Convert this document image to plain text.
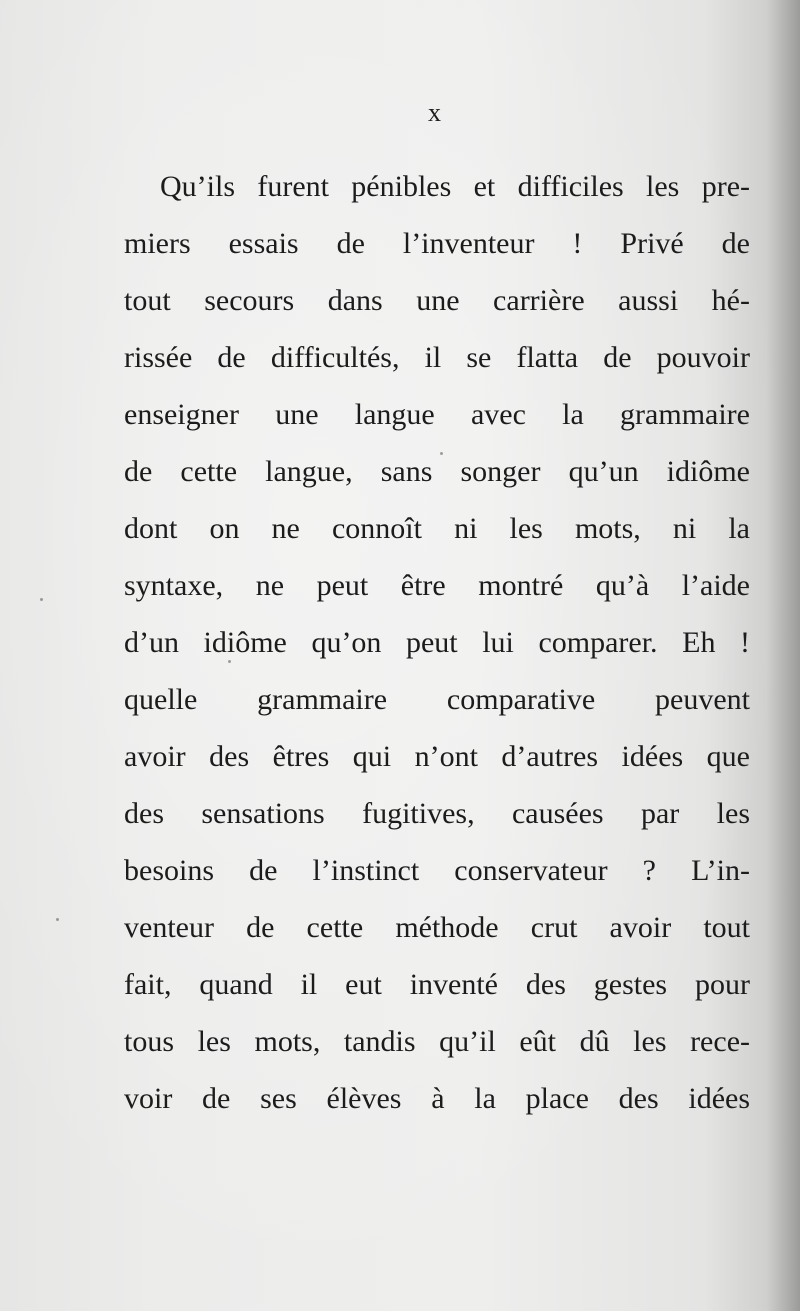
x
Qu’ils furent pénibles et difficiles les pre-
miers essais de l’inventeur ! Privé de
tout secours dans une carrière aussi hé-
rissée de difficultés, il se flatta de pouvoir
enseigner une langue avec la grammaire
de cette langue, sans songer qu’un idiôme
dont on ne connoît ni les mots, ni la
syntaxe, ne peut être montré qu’à l’aide
d’un idiôme qu’on peut lui comparer. Eh !
quelle grammaire comparative peuvent
avoir des êtres qui n’ont d’autres idées que
des sensations fugitives, causées par les
besoins de l’instinct conservateur ? L’in-
venteur de cette méthode crut avoir tout
fait, quand il eut inventé des gestes pour
tous les mots, tandis qu’il eût dû les rece-
voir de ses élèves à la place des idées
